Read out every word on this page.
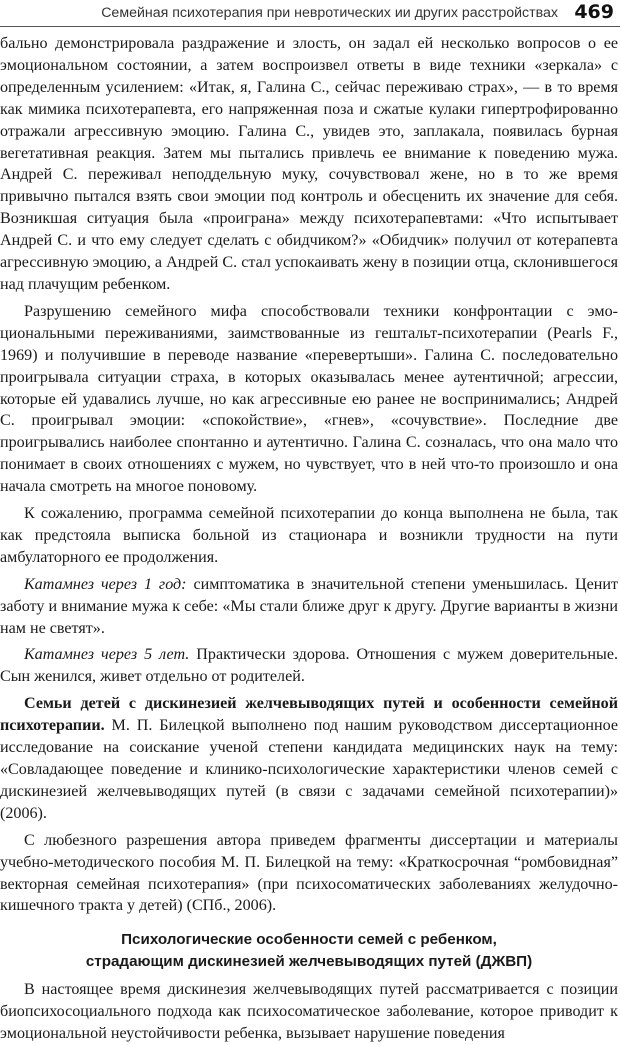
Семейная психотерапия при невротических ии других расстройствах 469

бально демонстрировала раздражение и злость, он задал ей несколько вопросов о ее эмоциональном состоянии, а затем воспроизвел ответы в виде техники «зеркала» с определенным усилением: «Итак, я, Галина С., сейчас переживаю страх», — в то время как мимика психотерапевта, его напряженная поза и сжатые кулаки гипертрофированно отражали агрессивную эмоцию. Галина С., увидев это, заплакала, появилась бурная вегетативная реакция. Затем мы пытались привлечь ее внимание к поведению мужа. Андрей С. переживал неподдельную муку, сочувствовал жене, но в то же время привычно пытался взять свои эмоции под контроль и обесценить их значение для себя. Возникшая ситуация была «проиграна» между психотерапевтами: «Что испытывает Андрей С. и что ему следует сделать с обидчиком?» «Обидчик» получил от котерапевта агрессивную эмоцию, а Андрей С. стал успокаивать жену в позиции отца, склонившегося над плачущим ребенком.

Разрушению семейного мифа способствовали техники конфронтации с эмоциональными переживаниями, заимствованные из гештальт-психотерапии (Pearls F., 1969) и получившие в переводе название «перевертыши». Галина С. последовательно проигрывала ситуации страха, в которых оказывалась менее аутентичной; агрессии, которые ей удавались лучше, но как агрессивные ею ранее не воспринимались; Андрей С. проигрывал эмоции: «спокойствие», «гнев», «сочувствие». Последние две проигрывались наиболее спонтанно и аутентично. Галина С. созналась, что она мало что понимает в своих отношениях с мужем, но чувствует, что в ней что-то произошло и она начала смотреть на многое поновому.

К сожалению, программа семейной психотерапии до конца выполнена не была, так как предстояла выписка больной из стационара и возникли трудности на пути амбулаторного ее продолжения.

Катамнез через 1 год: симптоматика в значительной степени уменьшилась. Ценит заботу и внимание мужа к себе: «Мы стали ближе друг к другу. Другие варианты в жизни нам не светят».

Катамнез через 5 лет. Практически здорова. Отношения с мужем доверительные. Сын женился, живет отдельно от родителей.

Семьи детей с дискинезией желчевыводящих путей и особенности семейной психотерапии. М. П. Билецкой выполнено под нашим руководством диссертационное исследование на соискание ученой степени кандидата медицинских наук на тему: «Совладающее поведение и клинико-психологические характеристики членов семей с дискинезией желчевыводящих путей (в связи с задачами семейной психотерапии)» (2006).

С любезного разрешения автора приведем фрагменты диссертации и материалы учебно-методического пособия М. П. Билецкой на тему: «Краткосрочная “ромбовидная” векторная семейная психотерапия» (при психосоматических заболеваниях желудочно-кишечного тракта у детей) (СПб., 2006).

Психологические особенности семей с ребенком,
страдающим дискинезией желчевыводящих путей (ДЖВП)

В настоящее время дискинезия желчевыводящих путей рассматривается с позиции биопсихосоциального подхода как психосоматическое заболевание, которое приводит к эмоциональной неустойчивости ребенка, вызывает нарушение поведения
